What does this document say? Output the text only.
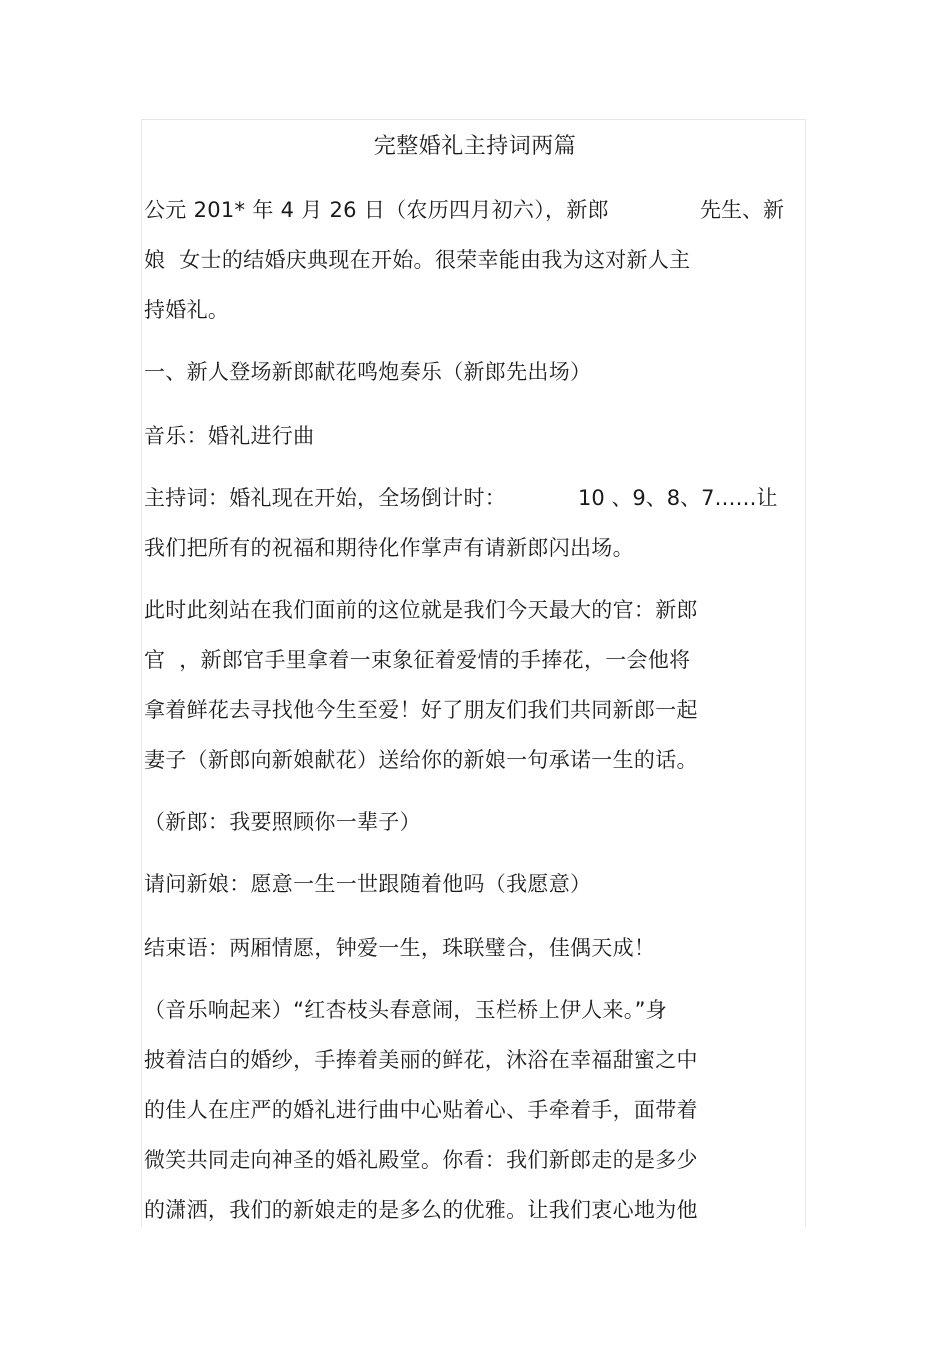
完整婚礼主持词两篇
公元 201* 年 4 月 26 日（农历四月初六），新郎	先生、新
娘  女士的结婚庆典现在开始。很荣幸能由我为这对新人主
持婚礼。
一、新人登场新郎献花鸣炮奏乐（新郎先出场）
音乐：婚礼进行曲
主持词：婚礼现在开始，全场倒计时：	10 、9、8、7……让
我们把所有的祝福和期待化作掌声有请新郎闪出场。
此时此刻站在我们面前的这位就是我们今天最大的官：新郎
官  ，新郎官手里拿着一束象征着爱情的手捧花，一会他将
拿着鲜花去寻找他今生至爱！好了朋友们我们共同新郎一起
妻子（新郎向新娘献花）送给你的新娘一句承诺一生的话。
（新郎：我要照顾你一辈子）
请问新娘：愿意一生一世跟随着他吗（我愿意）
结束语：两厢情愿，钟爱一生，珠联璧合，佳偶天成！
（音乐响起来）“红杏枝头春意闹，玉栏桥上伊人来。”身
披着洁白的婚纱，手捧着美丽的鲜花，沐浴在幸福甜蜜之中
的佳人在庄严的婚礼进行曲中心贴着心、手牵着手，面带着
微笑共同走向神圣的婚礼殿堂。你看：我们新郎走的是多少
的潇洒，我们的新娘走的是多么的优雅。让我们衷心地为他
